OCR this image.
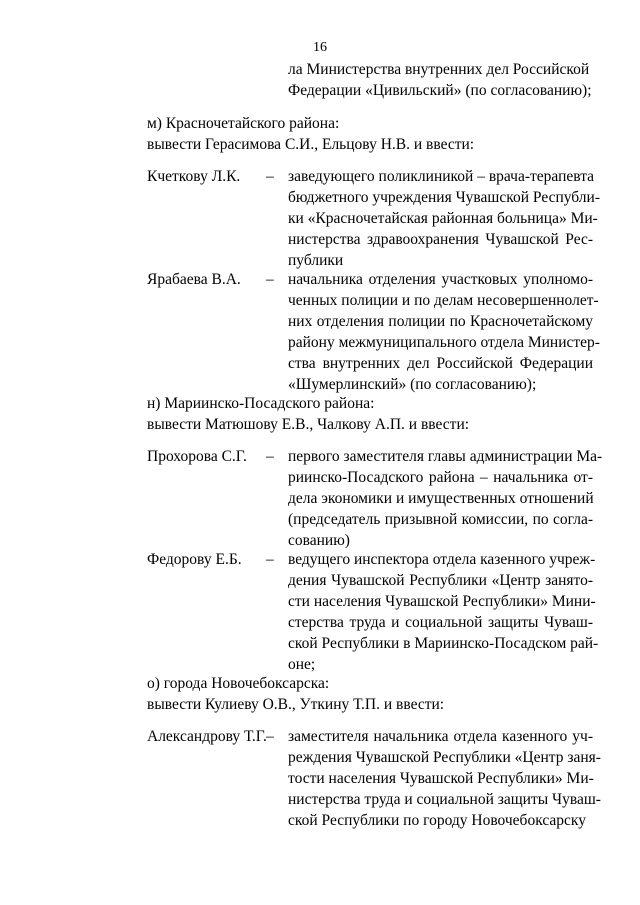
16
ла Министерства внутренних дел Российской
Федерации «Цивильский» (по согласованию);
м) Красночетайского района:
вывести Герасимова С.И., Ельцову Н.В. и ввести:
Кчеткову Л.К. – заведующего поликлиникой – врача-терапевта
бюджетного учреждения Чувашской Республи-
ки «Красночетайская районная больница» Ми-
нистерства здравоохранения Чувашской Рес-
публики
Ярабаева В.А. – начальника отделения участковых уполномо-
ченных полиции и по делам несовершеннолет-
них отделения полиции по Красночетайскому
району межмуниципального отдела Министер-
ства внутренних дел Российской Федерации
«Шумерлинский» (по согласованию);
н) Мариинско-Посадского района:
вывести Матюшову Е.В., Чалкову А.П. и ввести:
Прохорова С.Г. – первого заместителя главы администрации Ма-
риинско-Посадского района – начальника от-
дела экономики и имущественных отношений
(председатель призывной комиссии, по согла-
сованию)
Федорову Е.Б. – ведущего инспектора отдела казенного учреж-
дения Чувашской Республики «Центр занято-
сти населения Чувашской Республики» Мини-
стерства труда и социальной защиты Чуваш-
ской Республики в Мариинско-Посадском рай-
оне;
о) города Новочебоксарска:
вывести Кулиеву О.В., Уткину Т.П. и ввести:
Александрову Т.Г. – заместителя начальника отдела казенного уч-
реждения Чувашской Республики «Центр заня-
тости населения Чувашской Республики» Ми-
нистерства труда и социальной защиты Чуваш-
ской Республики по городу Новочебоксарску
